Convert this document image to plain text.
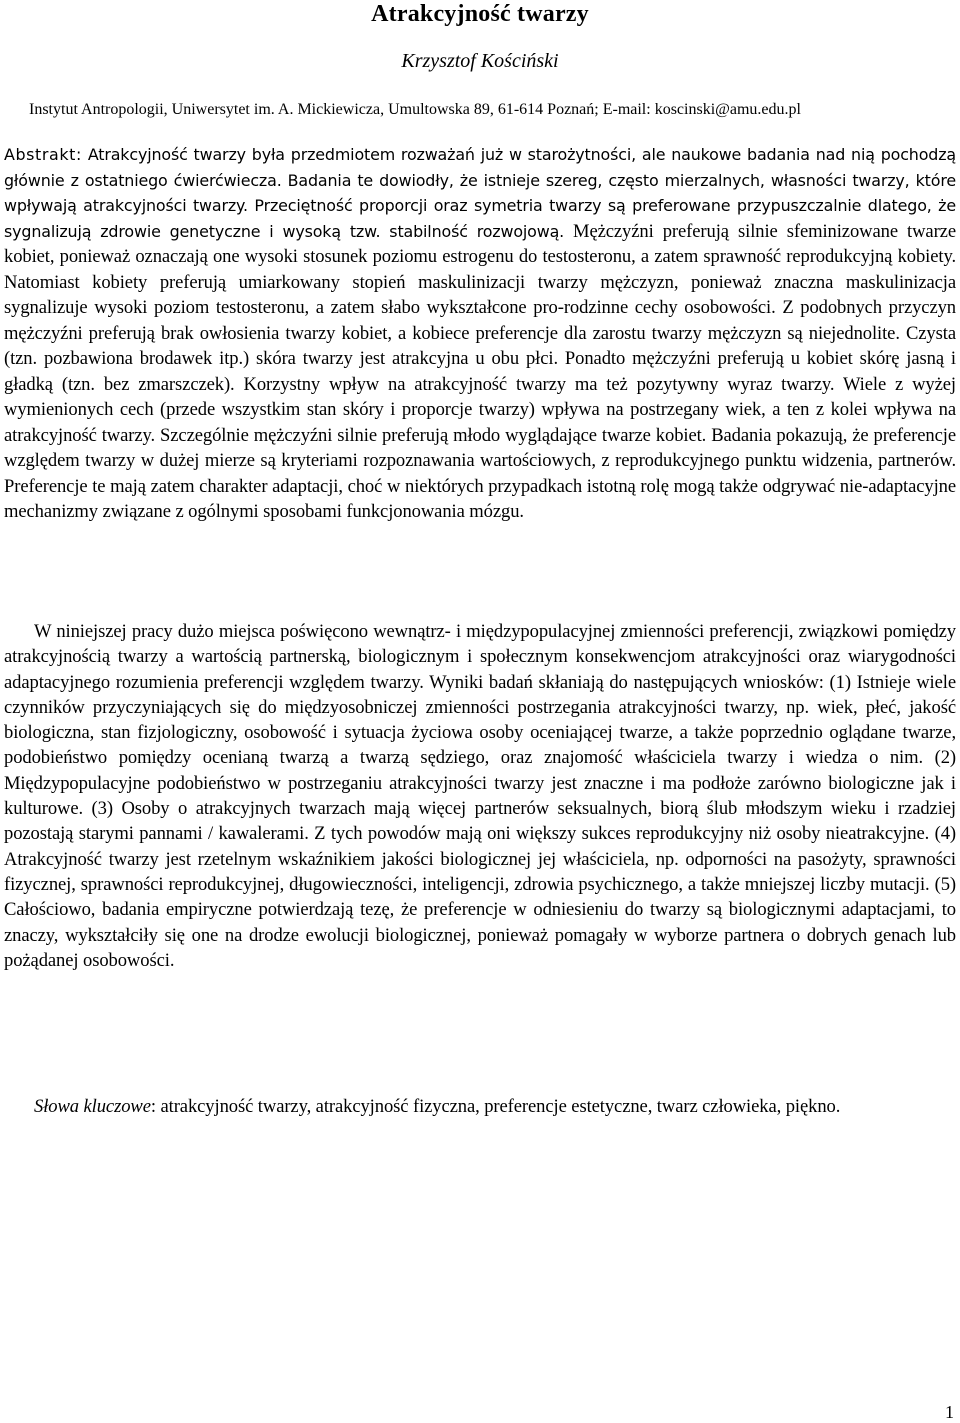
Atrakcyjność twarzy
Krzysztof Kościński
Instytut Antropologii, Uniwersytet im. A. Mickiewicza, Umultowska 89, 61-614 Poznań; E-mail: koscinski@amu.edu.pl
Abstrakt: Atrakcyjność twarzy była przedmiotem rozważań już w starożytności, ale naukowe badania nad nią pochodzą głównie z ostatniego ćwierćwiecza. Badania te dowiodły, że istnieje szereg, często mierzalnych, własności twarzy, które wpływają atrakcyjności twarzy. Przeciętność proporcji oraz symetria twarzy są preferowane przypuszczalnie dlatego, że sygnalizują zdrowie genetyczne i wysoką tzw. stabilność rozwojową. Mężczyźni preferują silnie sfeminizowane twarze kobiet, ponieważ oznaczają one wysoki stosunek poziomu estrogenu do testosteronu, a zatem sprawność reprodukcyjną kobiety. Natomiast kobiety preferują umiarkowany stopień maskulinizacji twarzy mężczyzn, ponieważ znaczna maskulinizacja sygnalizuje wysoki poziom testosteronu, a zatem słabo wykształcone pro-rodzinne cechy osobowości. Z podobnych przyczyn mężczyźni preferują brak owłosienia twarzy kobiet, a kobiece preferencje dla zarostu twarzy mężczyzn są niejednolite. Czysta (tzn. pozbawiona brodawek itp.) skóra twarzy jest atrakcyjna u obu płci. Ponadto mężczyźni preferują u kobiet skórę jasną i gładką (tzn. bez zmarszczek). Korzystny wpływ na atrakcyjność twarzy ma też pozytywny wyraz twarzy. Wiele z wyżej wymienionych cech (przede wszystkim stan skóry i proporcje twarzy) wpływa na postrzegany wiek, a ten z kolei wpływa na atrakcyjność twarzy. Szczególnie mężczyźni silnie preferują młodo wyglądające twarze kobiet. Badania pokazują, że preferencje względem twarzy w dużej mierze są kryteriami rozpoznawania wartościowych, z reprodukcyjnego punktu widzenia, partnerów. Preferencje te mają zatem charakter adaptacji, choć w niektórych przypadkach istotną rolę mogą także odgrywać nie-adaptacyjne mechanizmy związane z ogólnymi sposobami funkcjonowania mózgu.
W niniejszej pracy dużo miejsca poświęcono wewnątrz- i międzypopulacyjnej zmienności preferencji, związkowi pomiędzy atrakcyjnością twarzy a wartością partnerską, biologicznym i społecznym konsekwencjom atrakcyjności oraz wiarygodności adaptacyjnego rozumienia preferencji względem twarzy. Wyniki badań skłaniają do następujących wniosków: (1) Istnieje wiele czynników przyczyniających się do międzyosobniczej zmienności postrzegania atrakcyjności twarzy, np. wiek, płeć, jakość biologiczna, stan fizjologiczny, osobowość i sytuacja życiowa osoby oceniającej twarze, a także poprzednio oglądane twarze, podobieństwo pomiędzy ocenianą twarzą a twarzą sędziego, oraz znajomość właściciela twarzy i wiedza o nim. (2) Międzypopulacyjne podobieństwo w postrzeganiu atrakcyjności twarzy jest znaczne i ma podłoże zarówno biologiczne jak i kulturowe. (3) Osoby o atrakcyjnych twarzach mają więcej partnerów seksualnych, biorą ślub młodszym wieku i rzadziej pozostają starymi pannami / kawalerami. Z tych powodów mają oni większy sukces reprodukcyjny niż osoby nieatrakcyjne. (4) Atrakcyjność twarzy jest rzetelnym wskaźnikiem jakości biologicznej jej właściciela, np. odporności na pasożyty, sprawności fizycznej, sprawności reprodukcyjnej, długowieczności, inteligencji, zdrowia psychicznego, a także mniejszej liczby mutacji. (5) Całościowo, badania empiryczne potwierdzają tezę, że preferencje w odniesieniu do twarzy są biologicznymi adaptacjami, to znaczy, wykształciły się one na drodze ewolucji biologicznej, ponieważ pomagały w wyborze partnera o dobrych genach lub pożądanej osobowości.
Słowa kluczowe: atrakcyjność twarzy, atrakcyjność fizyczna, preferencje estetyczne, twarz człowieka, piękno.
1
